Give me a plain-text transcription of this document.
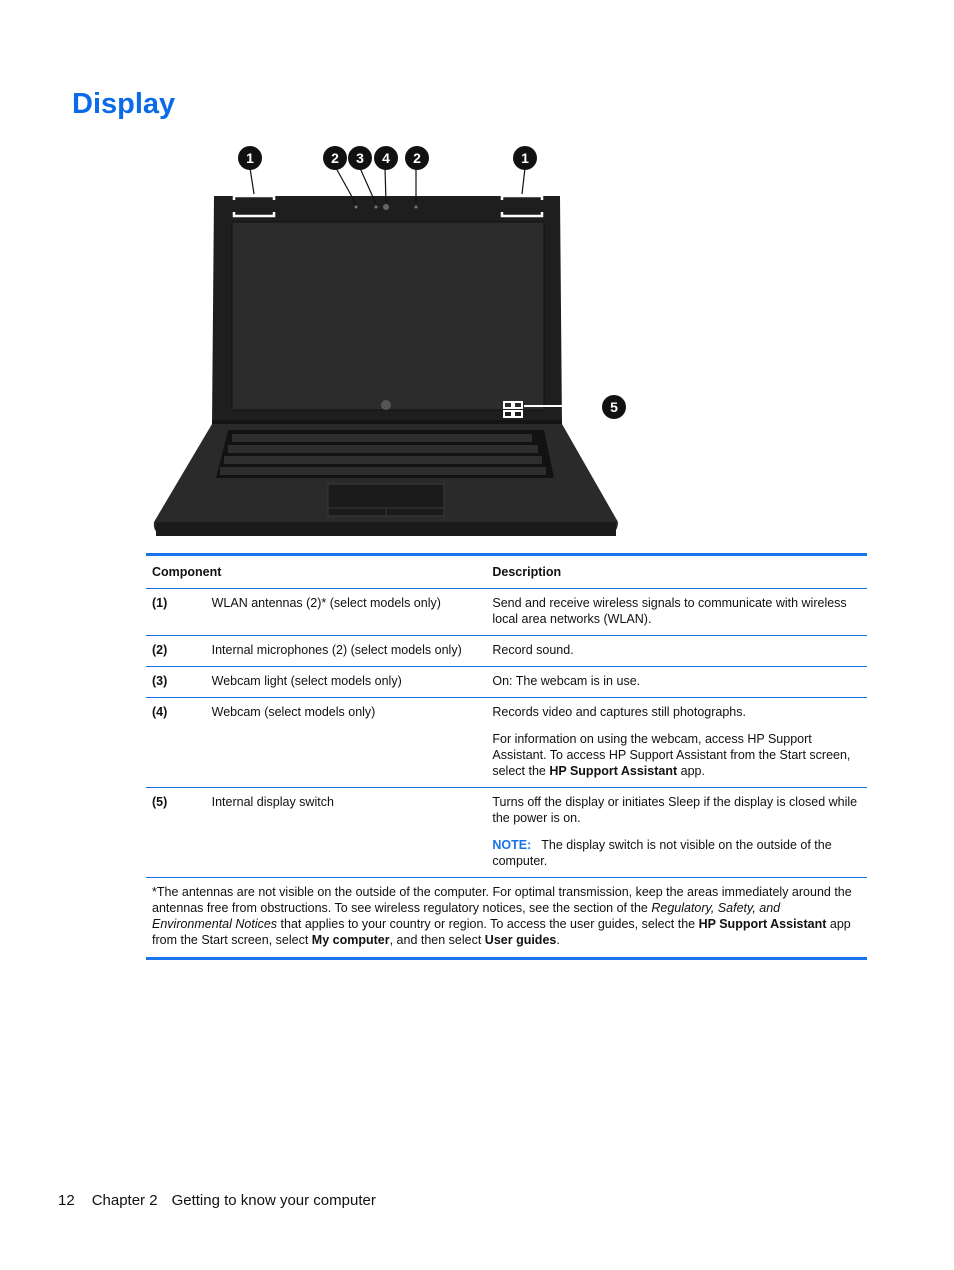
Display
1	2 3 4 2	1
5
Component		Description
(1)	WLAN antennas (2)* (select models only)	Send and receive wireless signals to communicate with wireless local area networks (WLAN).

(2)	Internal microphones (2) (select models only)	Record sound.

(3)	Webcam light (select models only)	On: The webcam is in use.

(4)	Webcam (select models only)	Records video and captures still photographs.

For information on using the webcam, access HP Support Assistant. To access HP Support Assistant from the Start screen, select the HP Support Assistant app.

(5)	Internal display switch	Turns off the display or initiates Sleep if the display is closed while the power is on.

NOTE: The display switch is not visible on the outside of the computer.

*The antennas are not visible on the outside of the computer. For optimal transmission, keep the areas immediately around the antennas free from obstructions. To see wireless regulatory notices, see the section of the Regulatory, Safety, and Environmental Notices that applies to your country or region. To access the user guides, select the HP Support Assistant app from the Start screen, select My computer, and then select User guides.		
12 Chapter 2 Getting to know your computer
